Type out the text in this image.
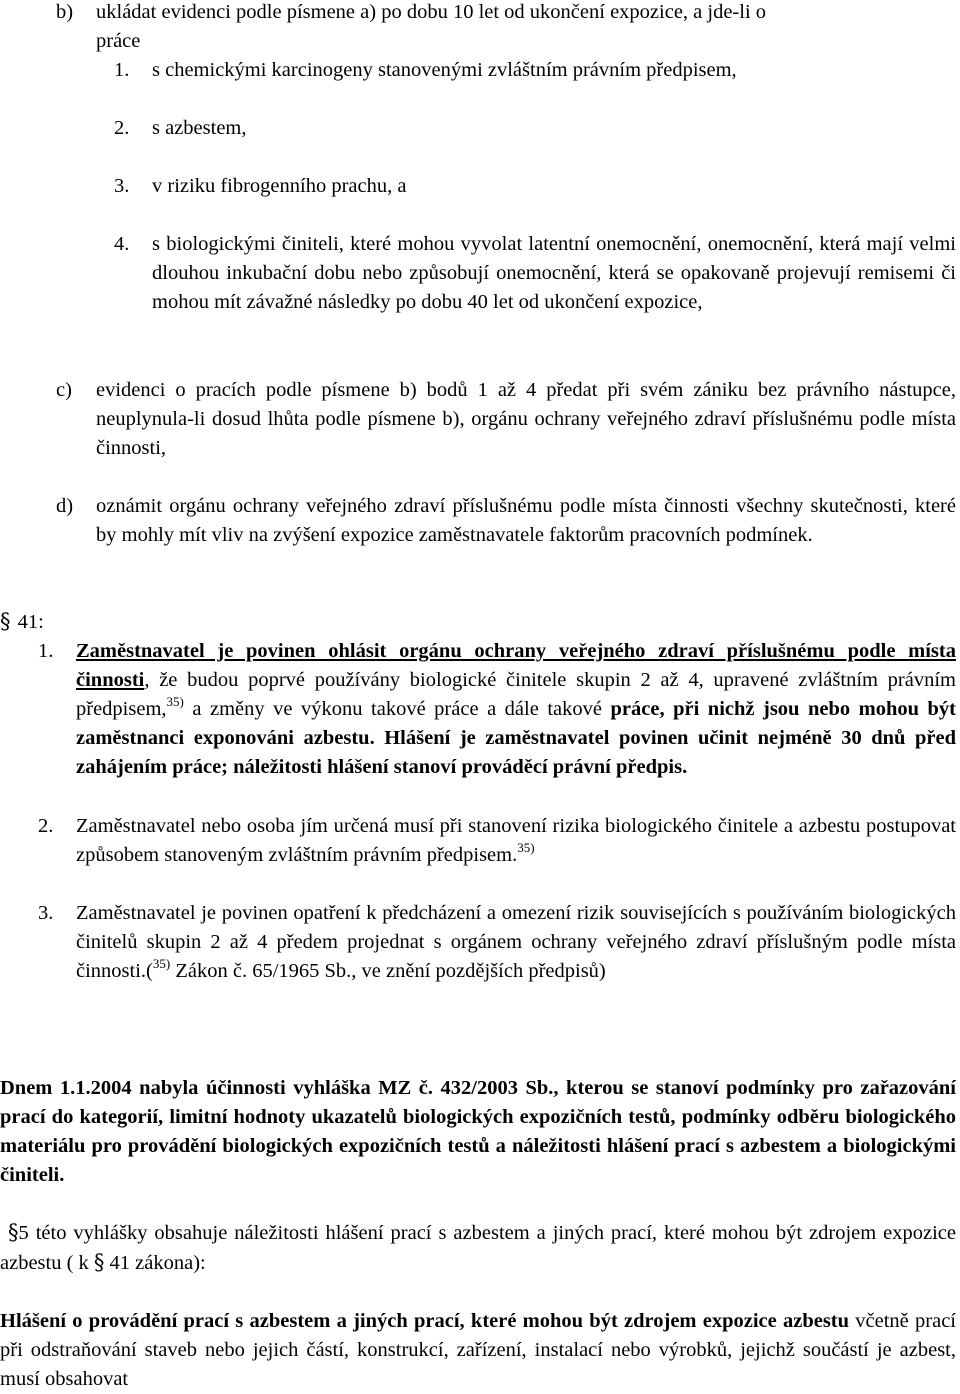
b) ukládat evidenci podle písmene a) po dobu 10 let od ukončení expozice, a jde-li o
práce
1. s chemickými karcinogeny stanovenými zvláštním právním předpisem,
2. s azbestem,
3. v riziku fibrogenního prachu, a
4. s biologickými činiteli, které mohou vyvolat latentní onemocnění, onemocnění, která mají velmi dlouhou inkubační dobu nebo způsobují onemocnění, která se opakovaně projevují remisemi či mohou mít závažné následky po dobu 40 let od ukončení expozice,
c) evidenci o pracích podle písmene b) bodů 1 až 4 předat při svém zániku bez právního nástupce, neuplynula-li dosud lhůta podle písmene b), orgánu ochrany veřejného zdraví příslušnému podle místa činnosti,
d) oznámit orgánu ochrany veřejného zdraví příslušnému podle místa činnosti všechny skutečnosti, které by mohly mít vliv na zvýšení expozice zaměstnavatele faktorům pracovních podmínek.
§ 41:
1. Zaměstnavatel je povinen ohlásit orgánu ochrany veřejného zdraví příslušnému podle místa činnosti, že budou poprvé používány biologické činitele skupin 2 až 4, upravené zvláštním právním předpisem,$^{35)}$ a změny ve výkonu takové práce a dále takové práce, při nichž jsou nebo mohou být zaměstnanci exponováni azbestu. Hlášení je zaměstnavatel povinen učinit nejméně 30 dnů před zahájením práce; náležitosti hlášení stanoví prováděcí právní předpis.
2. Zaměstnavatel nebo osoba jím určená musí při stanovení rizika biologického činitele a azbestu postupovat způsobem stanoveným zvláštním právním předpisem.$^{35)}$
3. Zaměstnavatel je povinen opatření k předcházení a omezení rizik souvisejících s používáním biologických činitelů skupin 2 až 4 předem projednat s orgánem ochrany veřejného zdraví příslušným podle místa činnosti.($^{35)}$ Zákon č. 65/1965 Sb., ve znění pozdějších předpisů)
Dnem 1.1.2004 nabyla účinnosti vyhláška MZ č. 432/2003 Sb., kterou se stanoví podmínky pro zařazování prací do kategorií, limitní hodnoty ukazatelů biologických expozičních testů, podmínky odběru biologického materiálu pro provádění biologických expozičních testů a náležitosti hlášení prací s azbestem a biologickými činiteli.
§5 této vyhlášky obsahuje náležitosti hlášení prací s azbestem a jiných prací, které mohou být zdrojem expozice azbestu ( k § 41 zákona):
Hlášení o provádění prací s azbestem a jiných prací, které mohou být zdrojem expozice azbestu včetně prací při odstraňování staveb nebo jejich částí, konstrukcí, zařízení, instalací nebo výrobků, jejichž součástí je azbest, musí obsahovat
